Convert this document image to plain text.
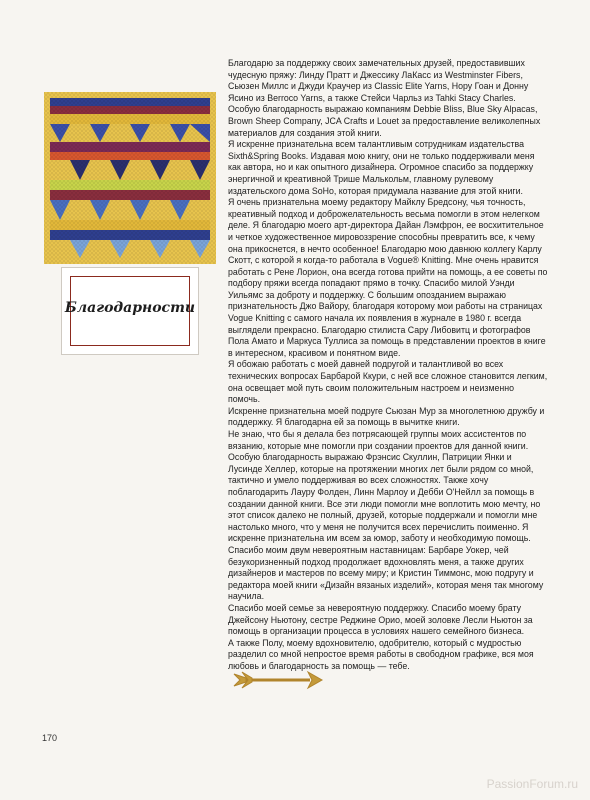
Благодарности

Благодарю за поддержку своих замечательных друзей, предоставивших чудесную пряжу: Линду Пратт и Джессику ЛаКасс из Westminster Fibers, Сьюзен Миллс и Джуди Краучер из Classic Elite Yarns, Нору Гоан и Донну Ясино из Berroco Yarns, а также Стейси Чарльз из Tahki Stacy Charles. Особую благодарность выражаю компаниям Debbie Bliss, Blue Sky Alpacas, Brown Sheep Company, JCA Crafts и Louet за предоставление великолепных материалов для создания этой книги.

Я искренне признательна всем талантливым сотрудникам издательства Sixth&Spring Books. Издавая мою книгу, они не только поддерживали меня как автора, но и как опытного дизайнера. Огромное спасибо за поддержку энергичной и креативной Трише Малькольм, главному рулевому издательского дома SoHo, которая придумала название для этой книги.

Я очень признательна моему редактору Майклу Бредсону, чья точность, креативный подход и доброжелательность весьма помогли в этом нелегком деле. Я благодарю моего арт-директора Дайан Лэмфрон, ее восхитительное и четкое художественное мировоззрение способны превратить все, к чему она прикоснется, в нечто особенное! Благодарю мою давнюю коллегу Карлу Скотт, с которой я когда-то работала в Vogue® Knitting. Мне очень нравится работать с Рене Лорион, она всегда готова прийти на помощь, а ее советы по подбору пряжи всегда попадают прямо в точку. Спасибо милой Уэнди Уильямс за доброту и поддержку. С большим опозданием выражаю признательность Джо Вайору, благодаря которому мои работы на страницах Vogue Knitting с самого начала их появления в журнале в 1980 г. всегда выглядели прекрасно. Благодарю стилиста Сару Либовитц и фотографов Пола Амато и Маркуса Туллиса за помощь в представлении проектов в книге в интересном, красивом и понятном виде.

Я обожаю работать с моей давней подругой и талантливой во всех технических вопросах Барбарой Ккури, с ней все сложное становится легким, она освещает мой путь своим положительным настроем и неизменно помочь.

Искренне признательна моей подруге Сьюзан Мур за многолетнюю дружбу и поддержку. Я благодарна ей за помощь в вычитке книги.

Не знаю, что бы я делала без потрясающей группы моих ассистентов по вязанию, которые мне помогли при создании проектов для данной книги. Особую благодарность выражаю Фрэнсис Скуллин, Патриции Янки и Лусинде Хеллер, которые на протяжении многих лет были рядом со мной, тактично и умело поддерживая во всех сложностях. Также хочу поблагодарить Лауру Фолден, Линн Марлоу и Дебби О'Нейлл за помощь в создании данной книги. Все эти люди помогли мне воплотить мою мечту, но этот список далеко не полный, друзей, которые поддержали и помогли мне настолько много, что у меня не получится всех перечислить поименно. Я искренне признательна им всем за юмор, заботу и необходимую помощь.

Спасибо моим двум невероятным наставницам: Барбаре Уокер, чей безукоризненный подход продолжает вдохновлять меня, а также других дизайнеров и мастеров по всему миру; и Кристин Тиммонс, мою подругу и редактора моей книги «Дизайн вязаных изделий», которая меня так многому научила.

Спасибо моей семье за невероятную поддержку. Спасибо моему брату Джейсону Ньютону, сестре Реджине Орио, моей золовке Лесли Ньютон за помощь в организации процесса в условиях нашего семейного бизнеса.

А также Полу, моему вдохновителю, одобрителю, который с мудростью разделил со мной непростое время работы в свободном графике, вся моя любовь и благодарность за помощь — тебе.

170
PassionForum.ru
